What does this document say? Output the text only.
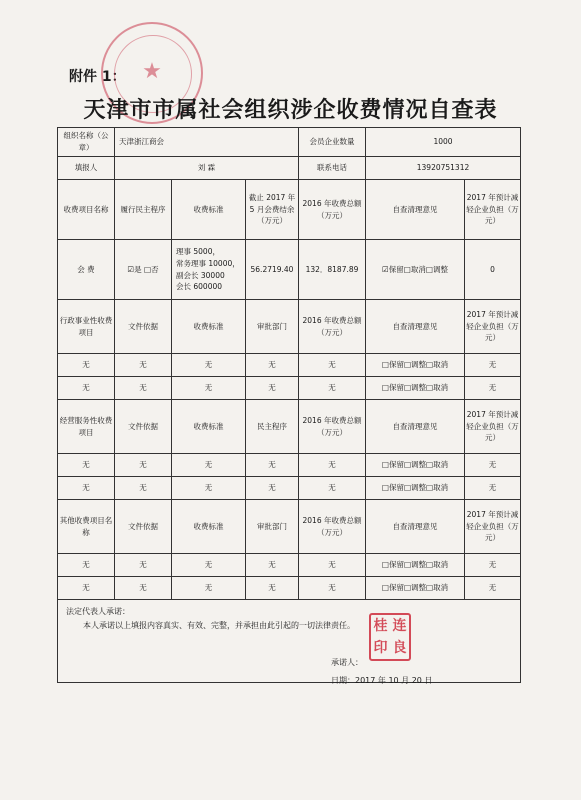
附件 1： ★
天津市市属社会组织涉企收费情况自查表
组织名称（公章）	天津浙江商会			会员企业数量	1000	
填报人	刘 霖			联系电话	13920751312	
收费项目名称	履行民主程序	收费标准	截止 2017 年 5 月会费结余（万元）	2016 年收费总额（万元）	自查清理意见	2017 年预计减轻企业负担（万元）
会 费	☑是 □否	理事 5000，
常务理事 10000，
副会长 30000
会长 600000	56.2719.40	132．8187.89	☑保留□取消□调整	0
行政事业性收费项目	文件依据	收费标准	审批部门	2016 年收费总额（万元）	自查清理意见	2017 年预计减轻企业负担（万元）
无	无	无	无	无	□保留□调整□取消	无
无	无	无	无	无	□保留□调整□取消	无
经营服务性收费项目	文件依据	收费标准	民主程序	2016 年收费总额（万元）	自查清理意见	2017 年预计减轻企业负担（万元）
无	无	无	无	无	□保留□调整□取消	无
无	无	无	无	无	□保留□调整□取消	无
其他收费项目名称	文件依据	收费标准	审批部门	2016 年收费总额（万元）	自查清理意见	2017 年预计减轻企业负担（万元）
无	无	无	无	无	□保留□调整□取消	无
无	无	无	无	无	□保留□调整□取消	无
法定代表人承诺：						
本人承诺以上填报内容真实、有效、完整，并承担由此引起的一切法律责任。 桂 连
印 良
承诺人：
日期：2017 年 10 月 20 日
